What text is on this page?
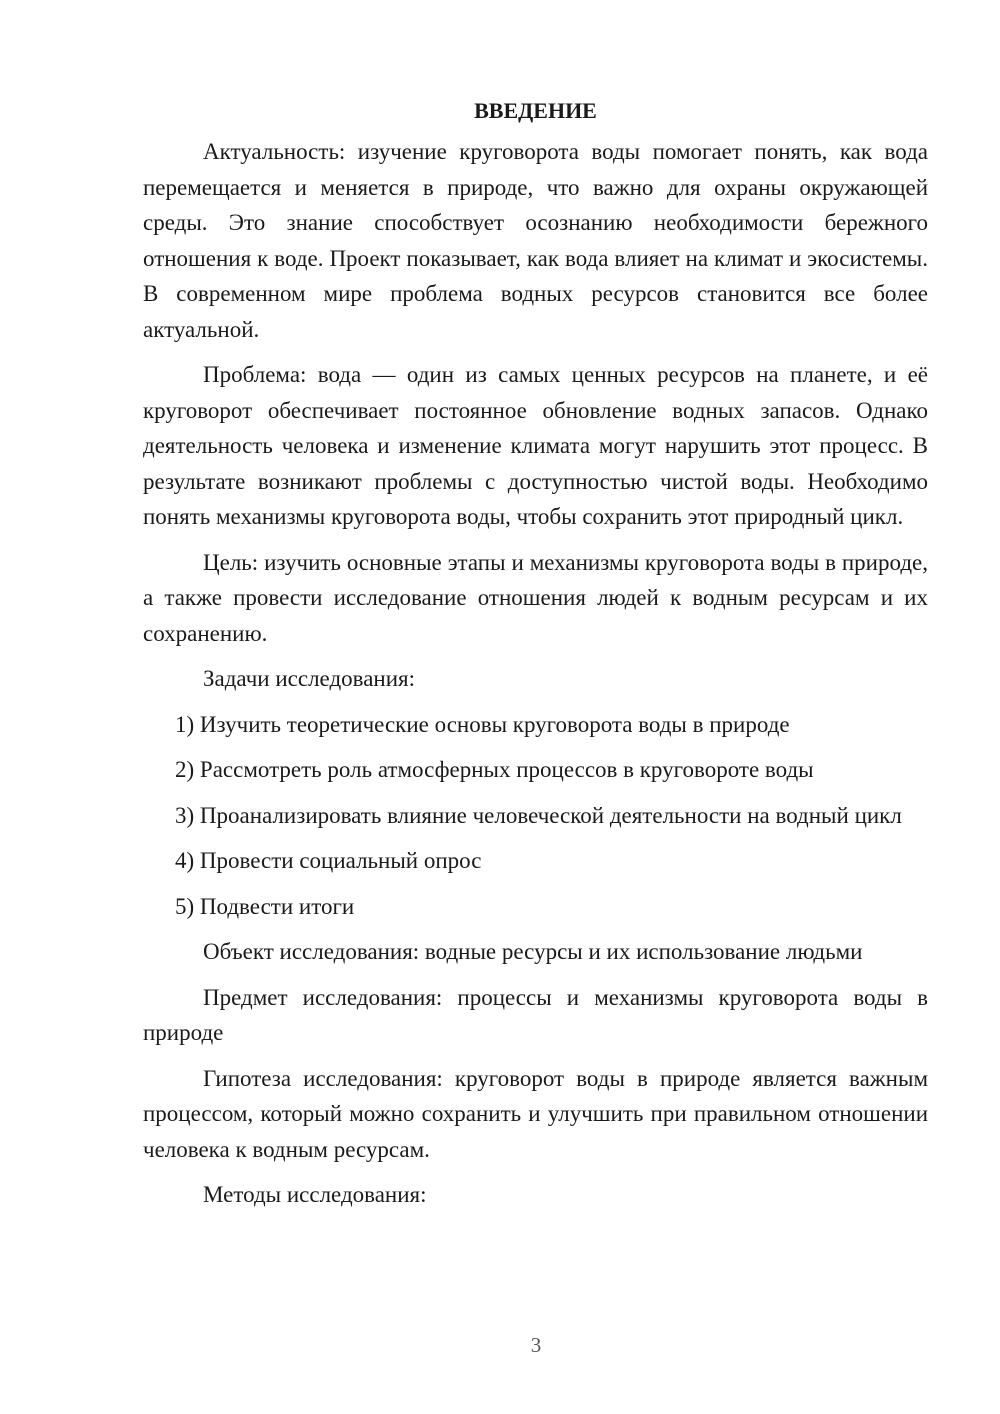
ВВЕДЕНИЕ

Актуальность: изучение круговорота воды помогает понять, как вода перемещается и меняется в природе, что важно для охраны окружающей среды. Это знание способствует осознанию необходимости бережного отношения к воде. Проект показывает, как вода влияет на климат и экосистемы. В современном мире проблема водных ресурсов становится все более актуальной.

Проблема: вода — один из самых ценных ресурсов на планете, и её круговорот обеспечивает постоянное обновление водных запасов. Однако деятельность человека и изменение климата могут нарушить этот процесс. В результате возникают проблемы с доступностью чистой воды. Необходимо понять механизмы круговорота воды, чтобы сохранить этот природный цикл.

Цель: изучить основные этапы и механизмы круговорота воды в природе, а также провести исследование отношения людей к водным ресурсам и их сохранению.

Задачи исследования:

1) Изучить теоретические основы круговорота воды в природе

2) Рассмотреть роль атмосферных процессов в круговороте воды

3) Проанализировать влияние человеческой деятельности на водный цикл

4) Провести социальный опрос

5) Подвести итоги

Объект исследования: водные ресурсы и их использование людьми

Предмет исследования: процессы и механизмы круговорота воды в природе

Гипотеза исследования: круговорот воды в природе является важным процессом, который можно сохранить и улучшить при правильном отношении человека к водным ресурсам.

Методы исследования:

3
